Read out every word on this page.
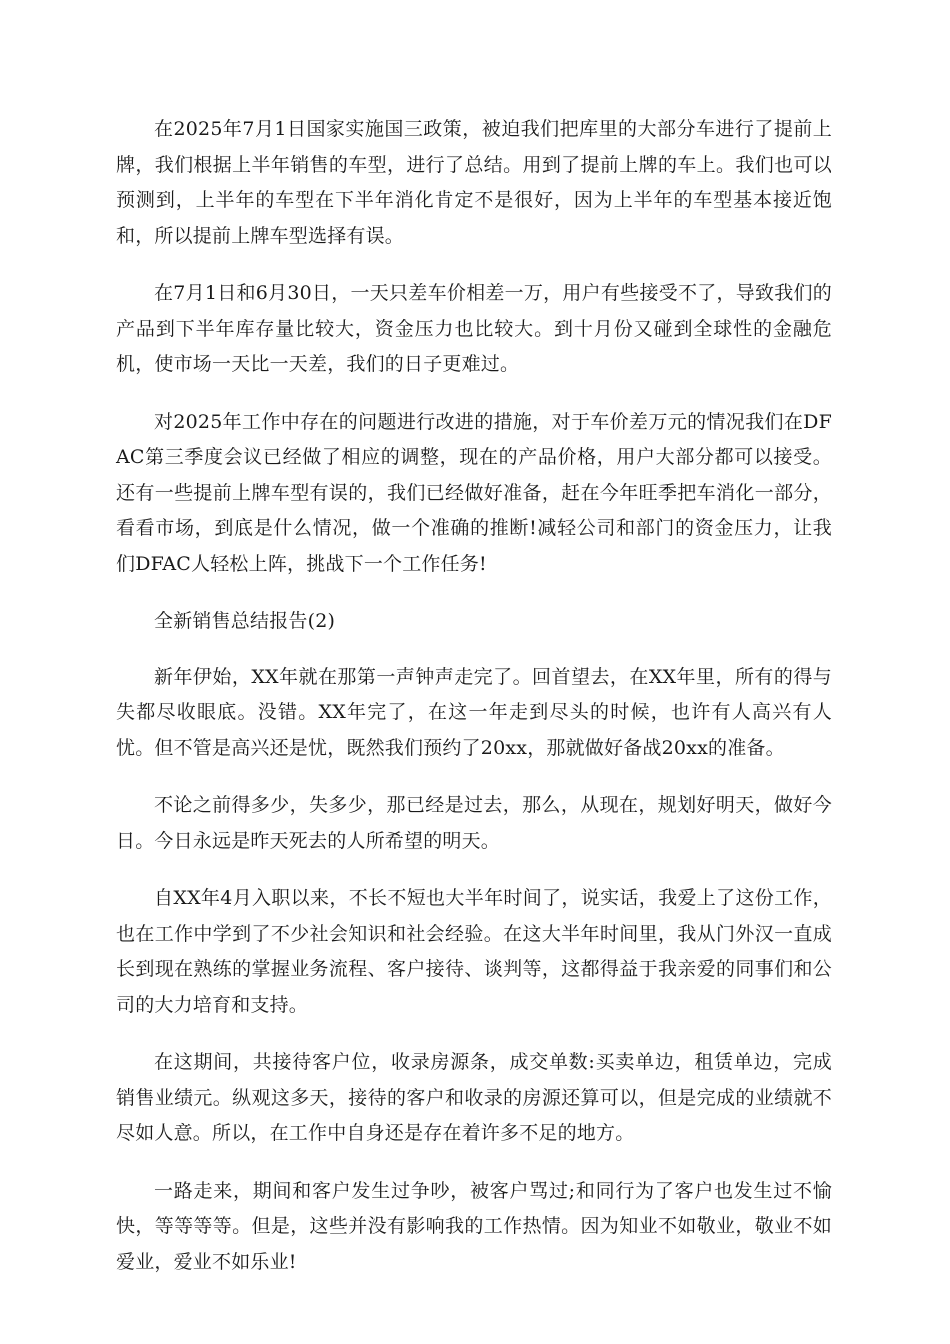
在2025年7月1日国家实施国三政策，被迫我们把库里的大部分车进行了提前上牌，我们根据上半年销售的车型，进行了总结。用到了提前上牌的车上。我们也可以预测到，上半年的车型在下半年消化肯定不是很好，因为上半年的车型基本接近饱和，所以提前上牌车型选择有误。

在7月1日和6月30日，一天只差车价相差一万，用户有些接受不了，导致我们的产品到下半年库存量比较大，资金压力也比较大。到十月份又碰到全球性的金融危机，使市场一天比一天差，我们的日子更难过。

对2025年工作中存在的问题进行改进的措施，对于车价差万元的情况我们在DFAC第三季度会议已经做了相应的调整，现在的产品价格，用户大部分都可以接受。还有一些提前上牌车型有误的，我们已经做好准备，赶在今年旺季把车消化一部分，看看市场，到底是什么情况，做一个准确的推断!减轻公司和部门的资金压力，让我们DFAC人轻松上阵，挑战下一个工作任务!

全新销售总结报告(2)

新年伊始，XX年就在那第一声钟声走完了。回首望去，在XX年里，所有的得与失都尽收眼底。没错。XX年完了，在这一年走到尽头的时候，也许有人高兴有人忧。但不管是高兴还是忧，既然我们预约了20xx，那就做好备战20xx的准备。

不论之前得多少，失多少，那已经是过去，那么，从现在，规划好明天，做好今日。今日永远是昨天死去的人所希望的明天。

自XX年4月入职以来，不长不短也大半年时间了，说实话，我爱上了这份工作，也在工作中学到了不少社会知识和社会经验。在这大半年时间里，我从门外汉一直成长到现在熟练的掌握业务流程、客户接待、谈判等，这都得益于我亲爱的同事们和公司的大力培育和支持。

在这期间，共接待客户位，收录房源条，成交单数:买卖单边，租赁单边，完成销售业绩元。纵观这多天，接待的客户和收录的房源还算可以，但是完成的业绩就不尽如人意。所以，在工作中自身还是存在着许多不足的地方。

一路走来，期间和客户发生过争吵，被客户骂过;和同行为了客户也发生过不愉快，等等等等。但是，这些并没有影响我的工作热情。因为知业不如敬业，敬业不如爱业，爱业不如乐业!
